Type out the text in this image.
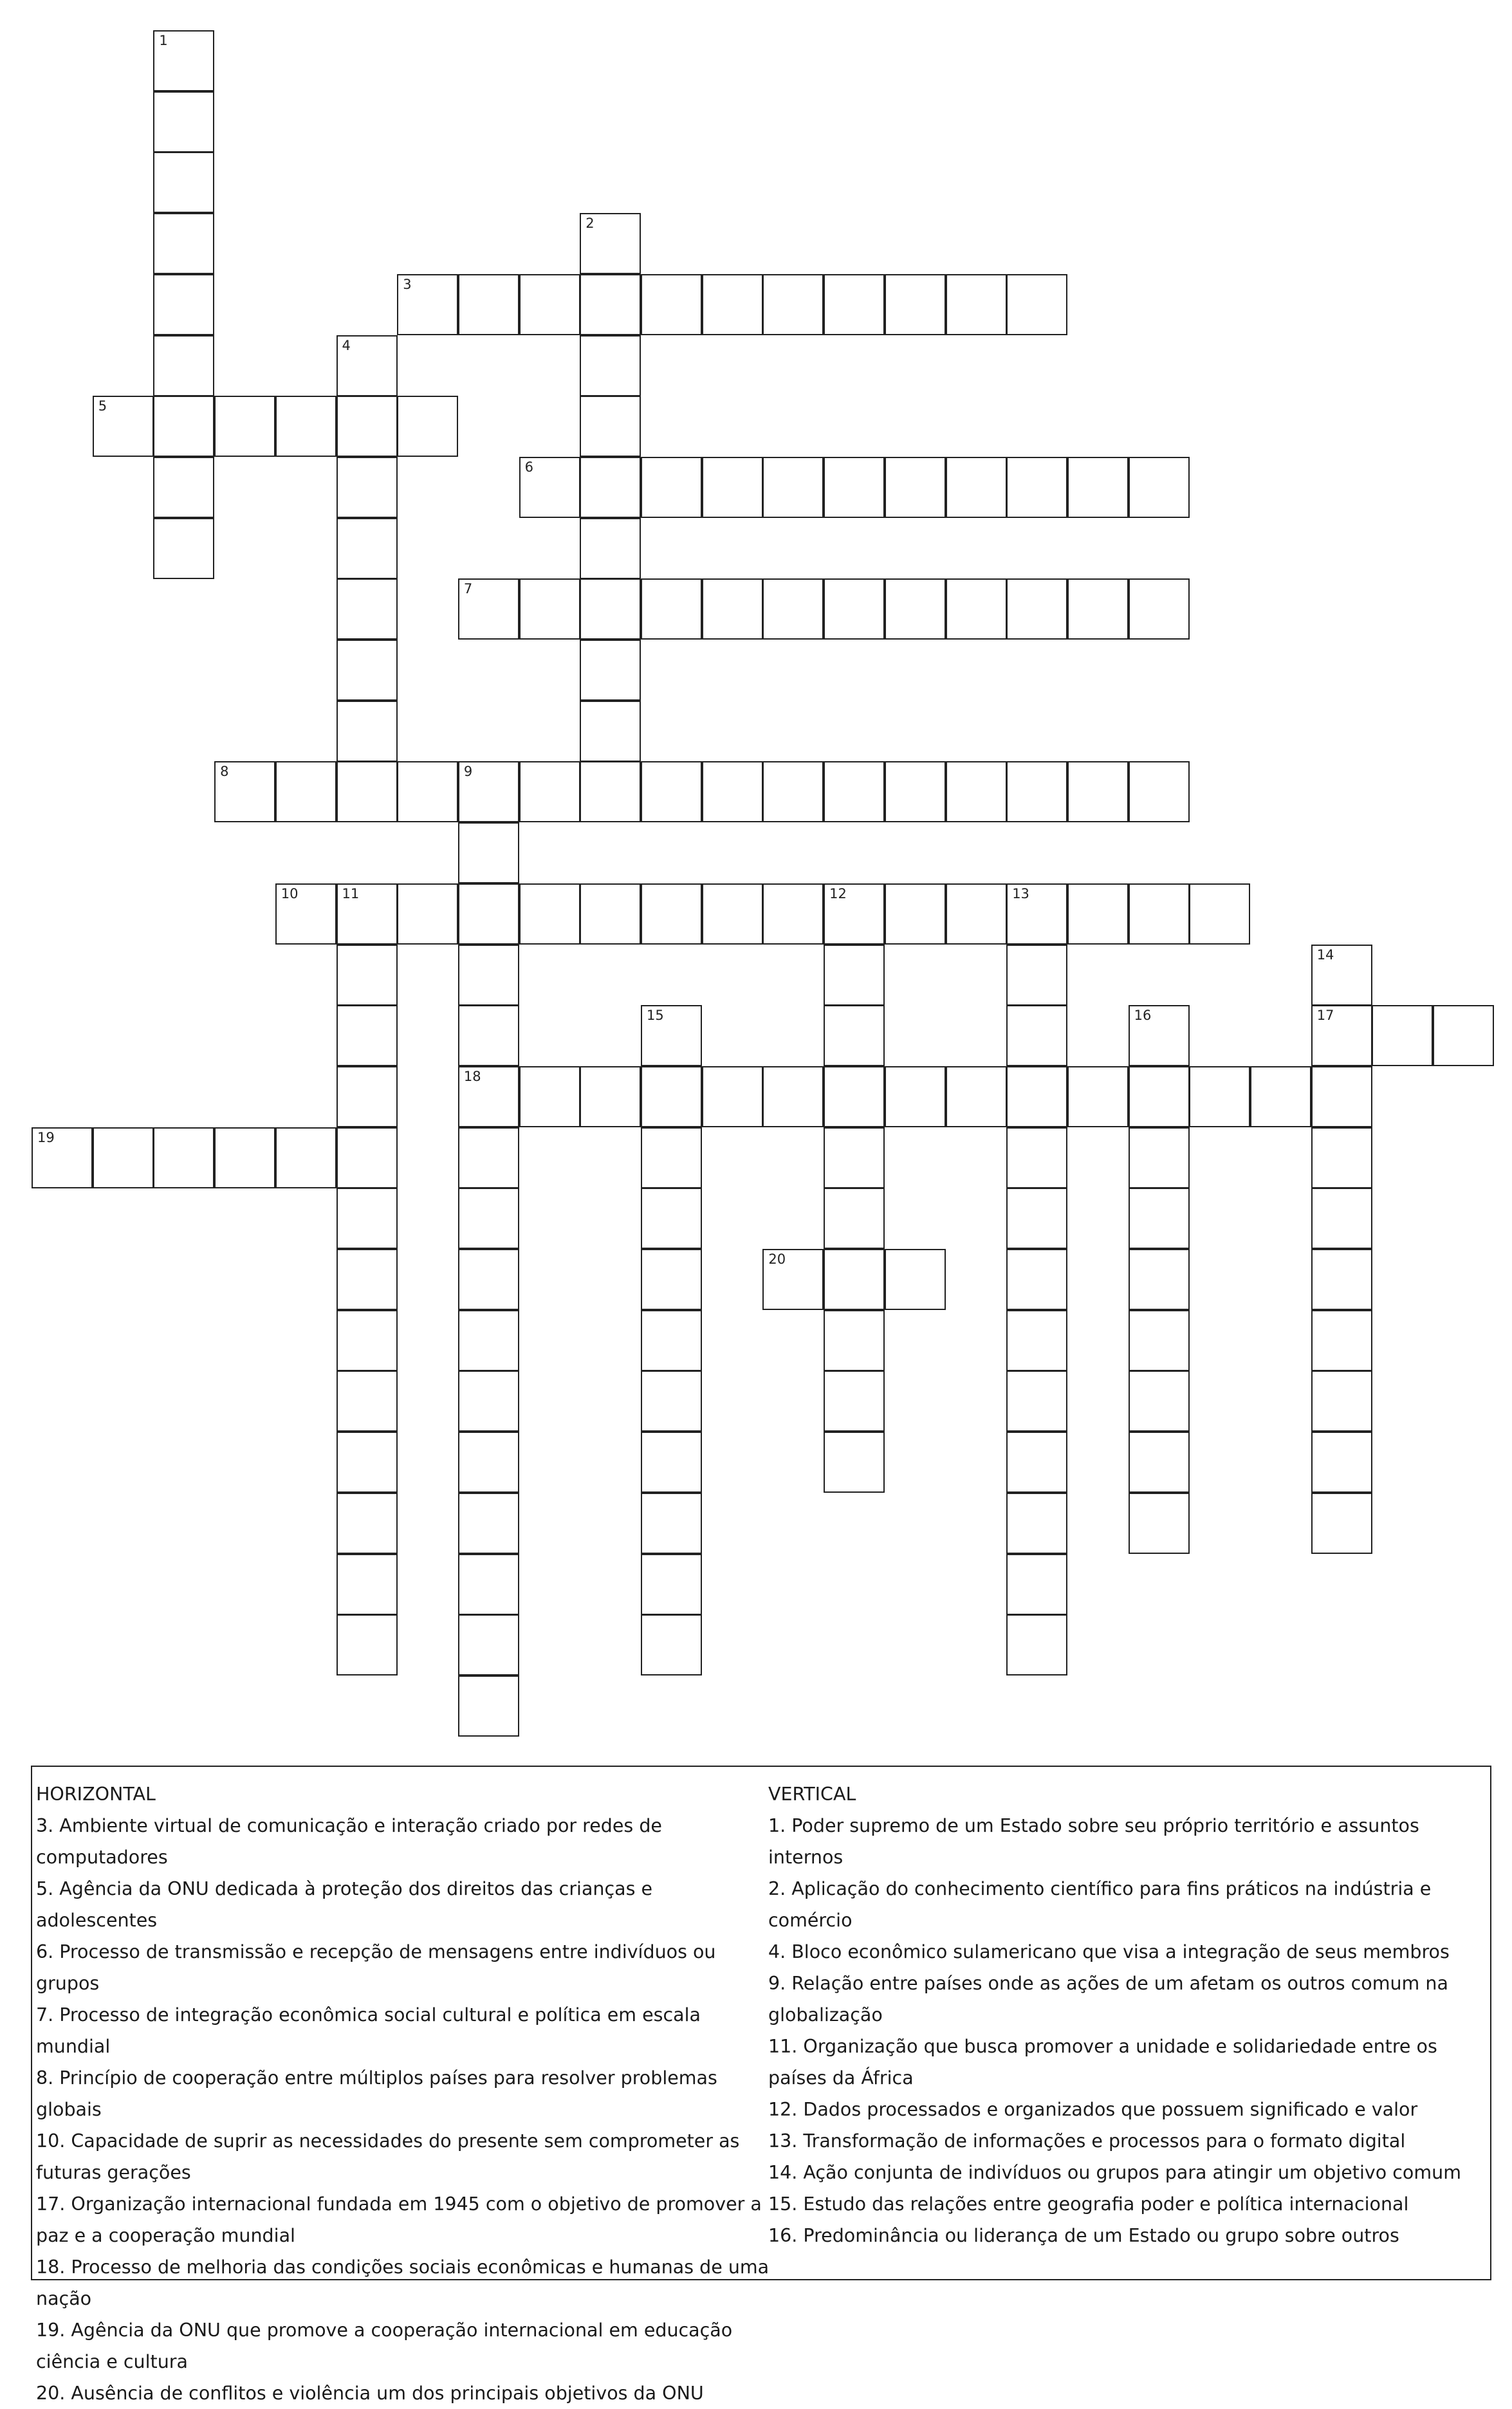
1
2
3
4
5
6
7
8	9
18
10	11	12	13
14
17
15	16
19
20

HORIZONTAL

3. Ambiente virtual de comunicação e interação criado por redes de computadores

5. Agência da ONU dedicada à proteção dos direitos das crianças e adolescentes

6. Processo de transmissão e recepção de mensagens entre indivíduos ou grupos

7. Processo de integração econômica social cultural e política em escala mundial

8. Princípio de cooperação entre múltiplos países para resolver problemas globais

10. Capacidade de suprir as necessidades do presente sem comprometer as futuras gerações

17. Organização internacional fundada em 1945 com o objetivo de promover a paz e a cooperação mundial

18. Processo de melhoria das condições sociais econômicas e humanas de uma nação

19. Agência da ONU que promove a cooperação internacional em educação ciência e cultura

20. Ausência de conflitos e violência um dos principais objetivos da ONU

VERTICAL

1. Poder supremo de um Estado sobre seu próprio território e assuntos internos

2. Aplicação do conhecimento científico para fins práticos na indústria e comércio

4. Bloco econômico sulamericano que visa a integração de seus membros

9. Relação entre países onde as ações de um afetam os outros comum na globalização

11. Organização que busca promover a unidade e solidariedade entre os países da África

12. Dados processados e organizados que possuem significado e valor

13. Transformação de informações e processos para o formato digital

14. Ação conjunta de indivíduos ou grupos para atingir um objetivo comum

15. Estudo das relações entre geografia poder e política internacional

16. Predominância ou liderança de um Estado ou grupo sobre outros
